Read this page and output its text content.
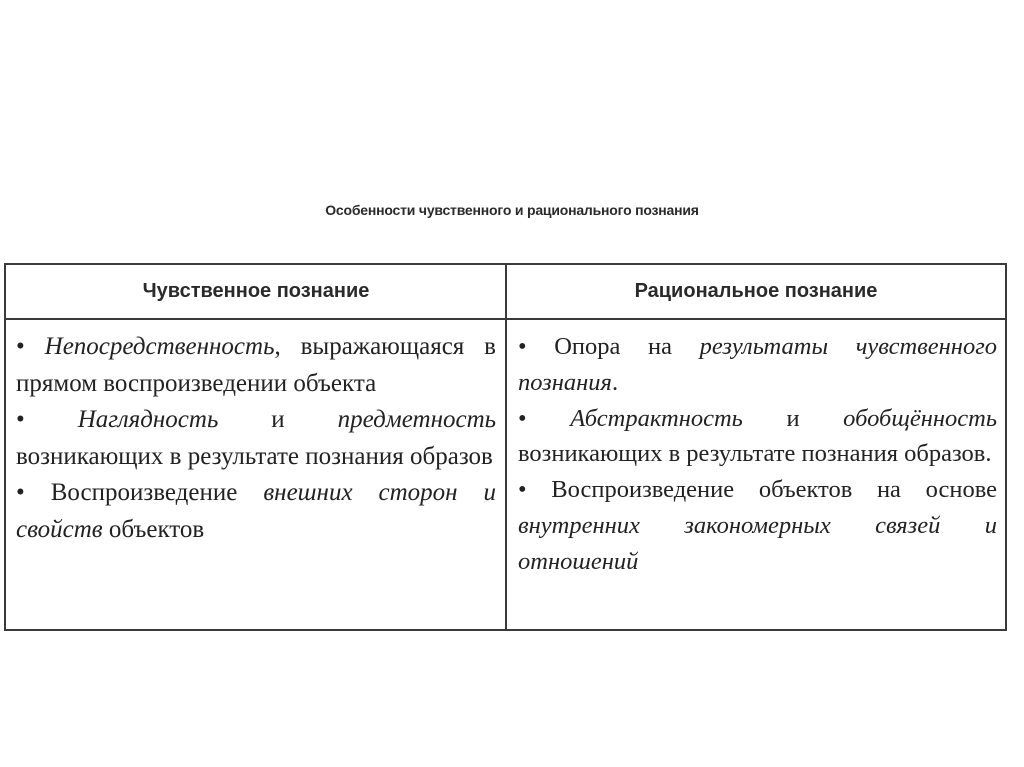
Особенности чувственного и рационального познания
Чувственное познание	Рациональное познание

• Непосредственность, выражающаяся в прямом воспроизведении объекта

• Наглядность и предметность возникающих в результате познания образов

• Воспроизведение внешних сторон и свойств объектов

• Опора на результаты чувственного познания.

• Абстрактность и обобщённость возникающих в результате познания образов.

• Воспроизведение объектов на основе внутренних закономерных связей и отношений
